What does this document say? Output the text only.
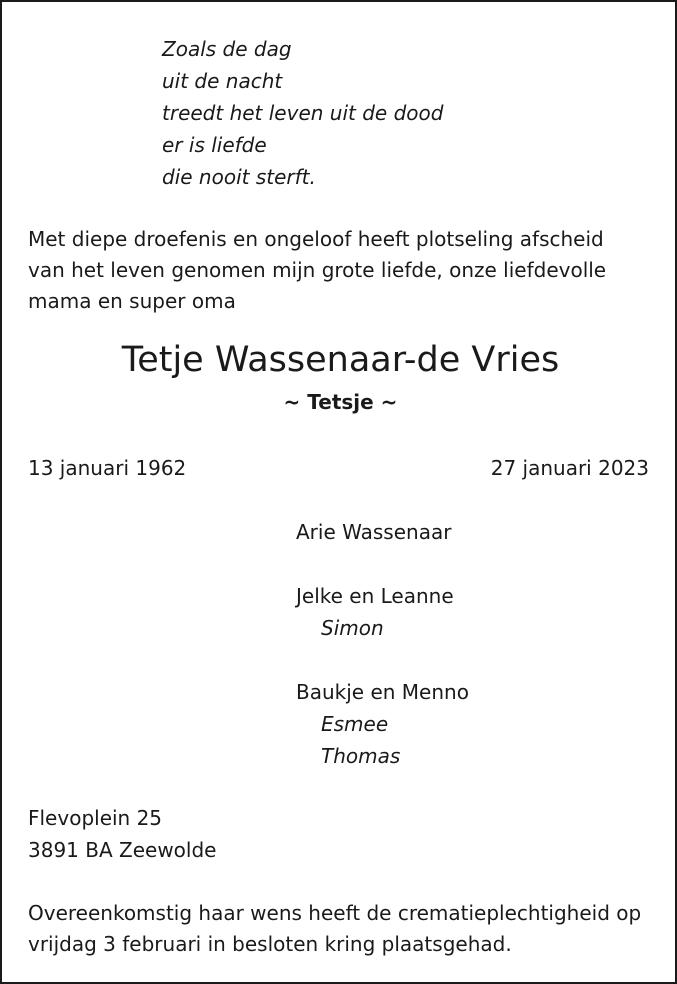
Zoals de dag
uit de nacht
treedt het leven uit de dood
er is liefde
die nooit sterft.
Met diepe droefenis en ongeloof heeft plotseling afscheid
van het leven genomen mijn grote liefde, onze liefdevolle
mama en super oma
Tetje Wassenaar-de Vries
~ Tetsje ~
13 januari 1962	27 januari 2023
Arie Wassenaar
Jelke en Leanne
Simon
Baukje en Menno
Esmee
Thomas
Flevoplein 25
3891 BA Zeewolde
Overeenkomstig haar wens heeft de crematieplechtigheid op
vrijdag 3 februari in besloten kring plaatsgehad.
